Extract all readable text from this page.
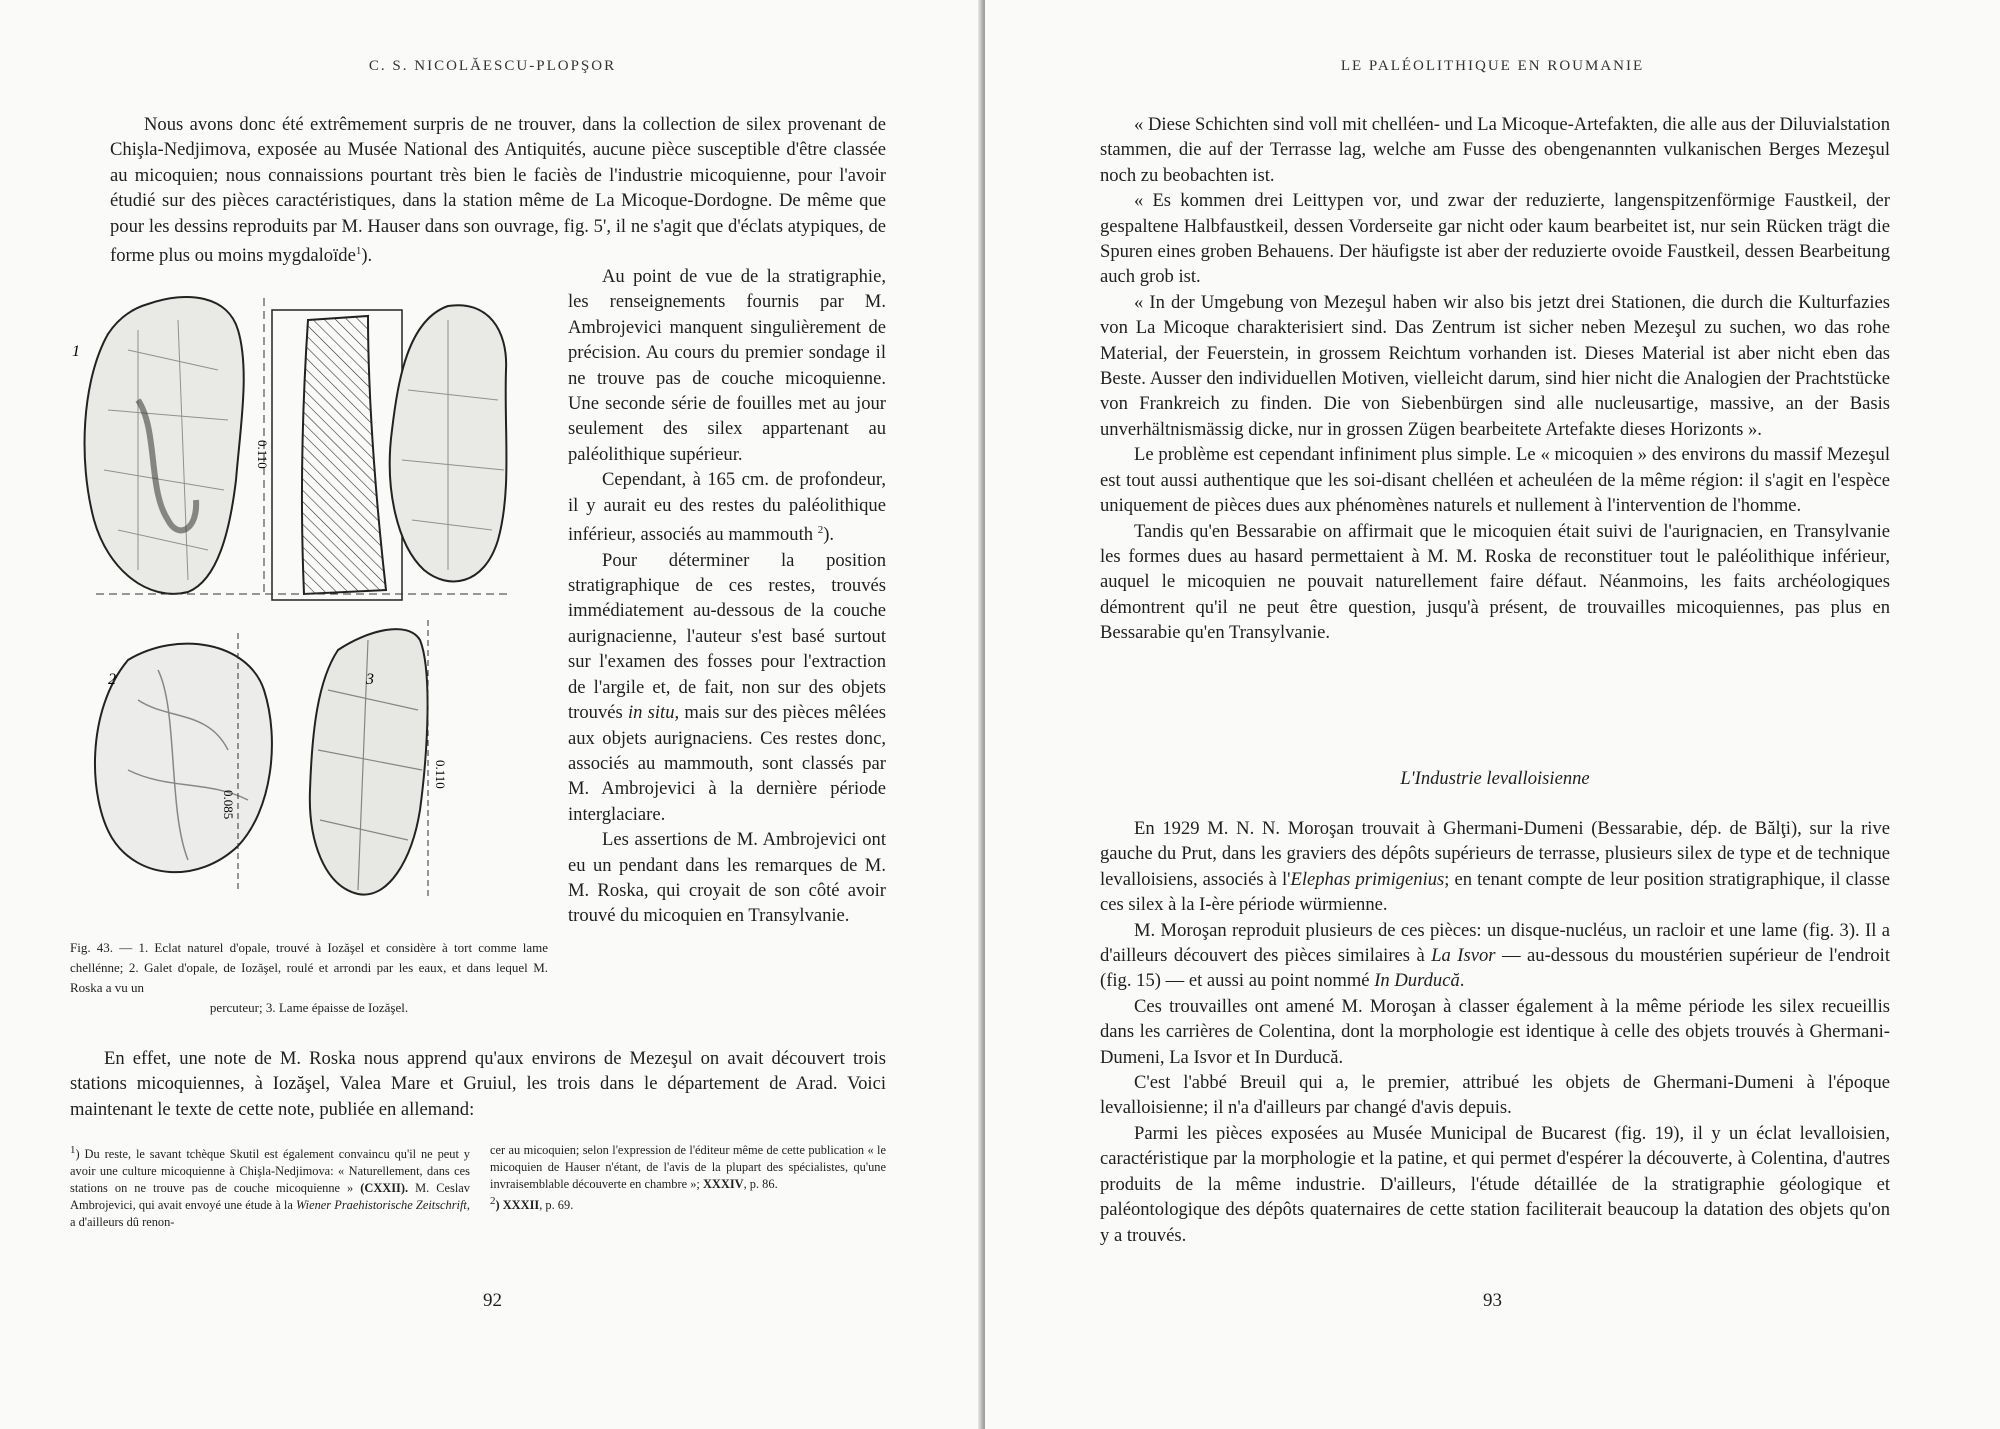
C. S. NICOLĂESCU-PLOPŞOR

Nous avons donc été extrêmement surpris de ne trouver, dans la collection de silex provenant de Chişla-Nedjimova, exposée au Musée National des Antiquités, aucune pièce susceptible d'être classée au micoquien; nous connaissions pourtant très bien le faciès de l'industrie micoquienne, pour l'avoir étudié sur des pièces caractéristiques, dans la station même de La Micoque-Dordogne. De même que pour les dessins reproduits par M. Hauser dans son ouvrage, fig. 5', il ne s'agit que d'éclats atypiques, de forme plus ou moins mygdaloïde$^1$).

1
2	3
0.110
0.085
0.110
Fig. 43. — 1. Eclat naturel d'opale, trouvé à Iozăşel et considère à tort comme lame chellénne; 2. Galet d'opale, de Iozăşel, roulé et arrondi par les eaux, et dans lequel M. Roska a vu un
percuteur; 3. Lame épaisse de Iozăşel.

Au point de vue de la stratigraphie, les renseignements fournis par M. Ambrojevici manquent singulièrement de précision. Au cours du premier sondage il ne trouve pas de couche micoquienne. Une seconde série de fouilles met au jour seulement des silex appartenant au paléolithique supérieur.

Cependant, à 165 cm. de profondeur, il y aurait eu des restes du paléolithique inférieur, associés au mammouth $^2$).

Pour déterminer la position stratigraphique de ces restes, trouvés immédiatement au-dessous de la couche aurignacienne, l'auteur s'est basé surtout sur l'examen des fosses pour l'extraction de l'argile et, de fait, non sur des objets trouvés in situ, mais sur des pièces mêlées aux objets aurignaciens. Ces restes donc, associés au mammouth, sont classés par M. Ambrojevici à la dernière période interglaciare.

Les assertions de M. Ambrojevici ont eu un pendant dans les remarques de M. M. Roska, qui croyait de son côté avoir trouvé du micoquien en Transylvanie.

En effet, une note de M. Roska nous apprend qu'aux environs de Mezeşul on avait découvert trois stations micoquiennes, à Iozăşel, Valea Mare et Gruiul, les trois dans le département de Arad. Voici maintenant le texte de cette note, publiée en allemand:

$^1$) Du reste, le savant tchèque Skutil est également convaincu qu'il ne peut y avoir une culture micoquienne à Chişla-Nedjimova: « Naturellement, dans ces stations on ne trouve pas de couche micoquienne » (CXXII). M. Ceslav Ambrojevici, qui avait envoyé une étude à la Wiener Praehistorische Zeitschrift, a d'ailleurs dû renon-

cer au micoquien; selon l'expression de l'éditeur même de cette publication « le micoquien de Hauser n'étant, de l'avis de la plupart des spécialistes, qu'une invraisemblable découverte en chambre »; XXXIV, p. 86.

$^2$) XXXII, p. 69.

92
LE PALÉOLITHIQUE EN ROUMANIE

« Diese Schichten sind voll mit chelléen- und La Micoque-Artefakten, die alle aus der Diluvialstation stammen, die auf der Terrasse lag, welche am Fusse des obengenannten vulkanischen Berges Mezeşul noch zu beobachten ist.

« Es kommen drei Leittypen vor, und zwar der reduzierte, langenspitzenförmige Faustkeil, der gespaltene Halbfaustkeil, dessen Vorderseite gar nicht oder kaum bearbeitet ist, nur sein Rücken trägt die Spuren eines groben Behauens. Der häufigste ist aber der reduzierte ovoide Faustkeil, dessen Bearbeitung auch grob ist.

« In der Umgebung von Mezeşul haben wir also bis jetzt drei Stationen, die durch die Kulturfazies von La Micoque charakterisiert sind. Das Zentrum ist sicher neben Mezeşul zu suchen, wo das rohe Material, der Feuerstein, in grossem Reichtum vorhanden ist. Dieses Material ist aber nicht eben das Beste. Ausser den individuellen Motiven, vielleicht darum, sind hier nicht die Analogien der Prachtstücke von Frankreich zu finden. Die von Siebenbürgen sind alle nucleusartige, massive, an der Basis unverhältnismässig dicke, nur in grossen Zügen bearbeitete Artefakte dieses Horizonts ».

Le problème est cependant infiniment plus simple. Le « micoquien » des environs du massif Mezeşul est tout aussi authentique que les soi-disant chelléen et acheuléen de la même région: il s'agit en l'espèce uniquement de pièces dues aux phénomènes naturels et nullement à l'intervention de l'homme.

Tandis qu'en Bessarabie on affirmait que le micoquien était suivi de l'aurignacien, en Transylvanie les formes dues au hasard permettaient à M. M. Roska de reconstituer tout le paléolithique inférieur, auquel le micoquien ne pouvait naturellement faire défaut. Néanmoins, les faits archéologiques démontrent qu'il ne peut être question, jusqu'à présent, de trouvailles micoquiennes, pas plus en Bessarabie qu'en Transylvanie.

L'Industrie levalloisienne

En 1929 M. N. N. Moroşan trouvait à Ghermani-Dumeni (Bessarabie, dép. de Bălţi), sur la rive gauche du Prut, dans les graviers des dépôts supérieurs de terrasse, plusieurs silex de type et de technique levalloisiens, associés à l'Elephas primigenius; en tenant compte de leur position stratigraphique, il classe ces silex à la I-ère période würmienne.

M. Moroşan reproduit plusieurs de ces pièces: un disque-nucléus, un racloir et une lame (fig. 3). Il a d'ailleurs découvert des pièces similaires à La Isvor — au-dessous du moustérien supérieur de l'endroit (fig. 15) — et aussi au point nommé In Durducă.

Ces trouvailles ont amené M. Moroşan à classer également à la même période les silex recueillis dans les carrières de Colentina, dont la morphologie est identique à celle des objets trouvés à Ghermani-Dumeni, La Isvor et In Durducă.

C'est l'abbé Breuil qui a, le premier, attribué les objets de Ghermani-Dumeni à l'époque levalloisienne; il n'a d'ailleurs par changé d'avis depuis.

Parmi les pièces exposées au Musée Municipal de Bucarest (fig. 19), il y un éclat levalloisien, caractéristique par la morphologie et la patine, et qui permet d'espérer la découverte, à Colentina, d'autres produits de la même industrie. D'ailleurs, l'étude détaillée de la stratigraphie géologique et paléontologique des dépôts quaternaires de cette station faciliterait beaucoup la datation des objets qu'on y a trouvés.

93
